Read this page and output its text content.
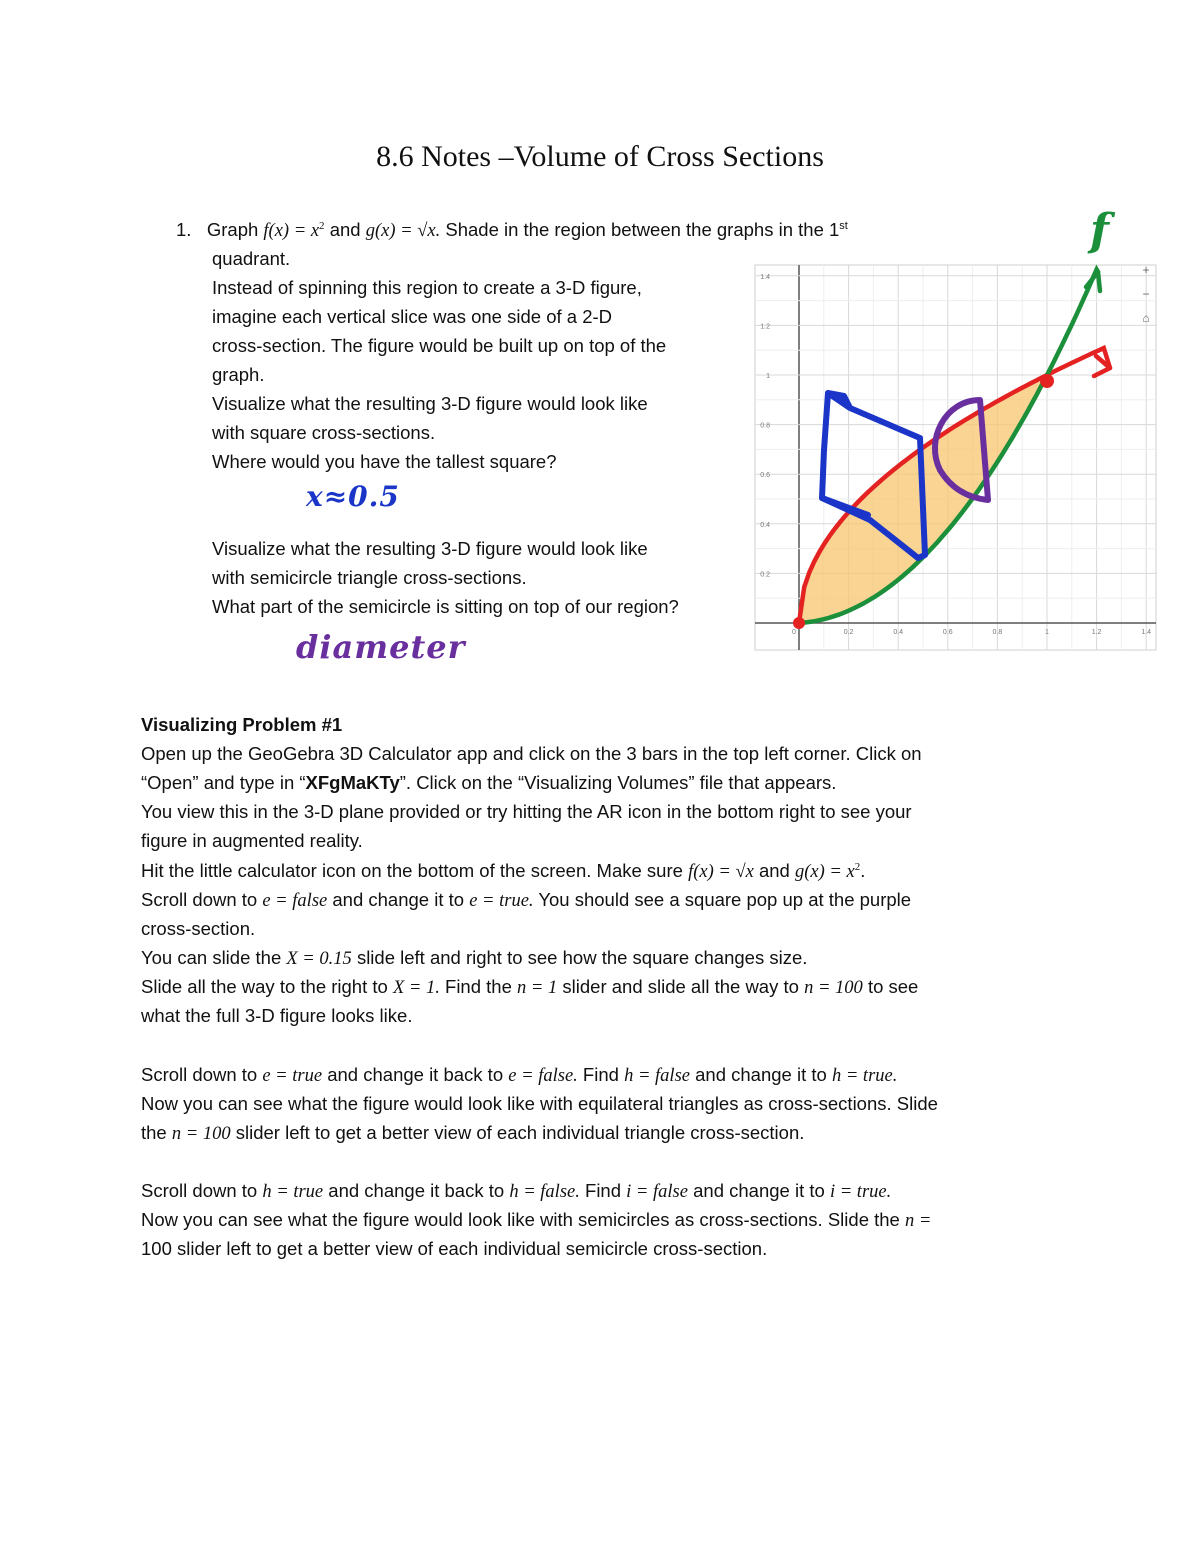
8.6 Notes –Volume of Cross Sections
1. Graph $f(x) = x^2$ and g(x) = √x. Shade in the region between the graphs in the 1st
quadrant.
Instead of spinning this region to create a 3-D figure,
imagine each vertical slice was one side of a 2-D
cross-section. The figure would be built up on top of the
graph.
Visualize what the resulting 3-D figure would look like
with square cross-sections.
Where would you have the tallest square?
x≈0.5
Visualize what the resulting 3-D figure would look like
with semicircle triangle cross-sections.
What part of the semicircle is sitting on top of our region?
diameter
f
0	0.2	0.4	0.6	0.8	1	1.2	1.4
0.2
0.4
0.6
0.8
1
1.2
1.4
+
−
⌂
Visualizing Problem #1
Open up the GeoGebra 3D Calculator app and click on the 3 bars in the top left corner. Click on
“Open” and type in “XFgMaKTy”. Click on the “Visualizing Volumes” file that appears.
You view this in the 3-D plane provided or try hitting the AR icon in the bottom right to see your
figure in augmented reality.
Hit the little calculator icon on the bottom of the screen. Make sure f(x) = √x and $g(x) = x^2$.
Scroll down to e = false and change it to e = true. You should see a square pop up at the purple
cross-section.
You can slide the X = 0.15 slide left and right to see how the square changes size.
Slide all the way to the right to X = 1. Find the n = 1 slider and slide all the way to n = 100 to see
what the full 3-D figure looks like.
Scroll down to e = true and change it back to e = false. Find h = false and change it to h = true.
Now you can see what the figure would look like with equilateral triangles as cross-sections. Slide
the n = 100 slider left to get a better view of each individual triangle cross-section.
Scroll down to h = true and change it back to h = false. Find i = false and change it to i = true.
Now you can see what the figure would look like with semicircles as cross-sections. Slide the n =
100 slider left to get a better view of each individual semicircle cross-section.
